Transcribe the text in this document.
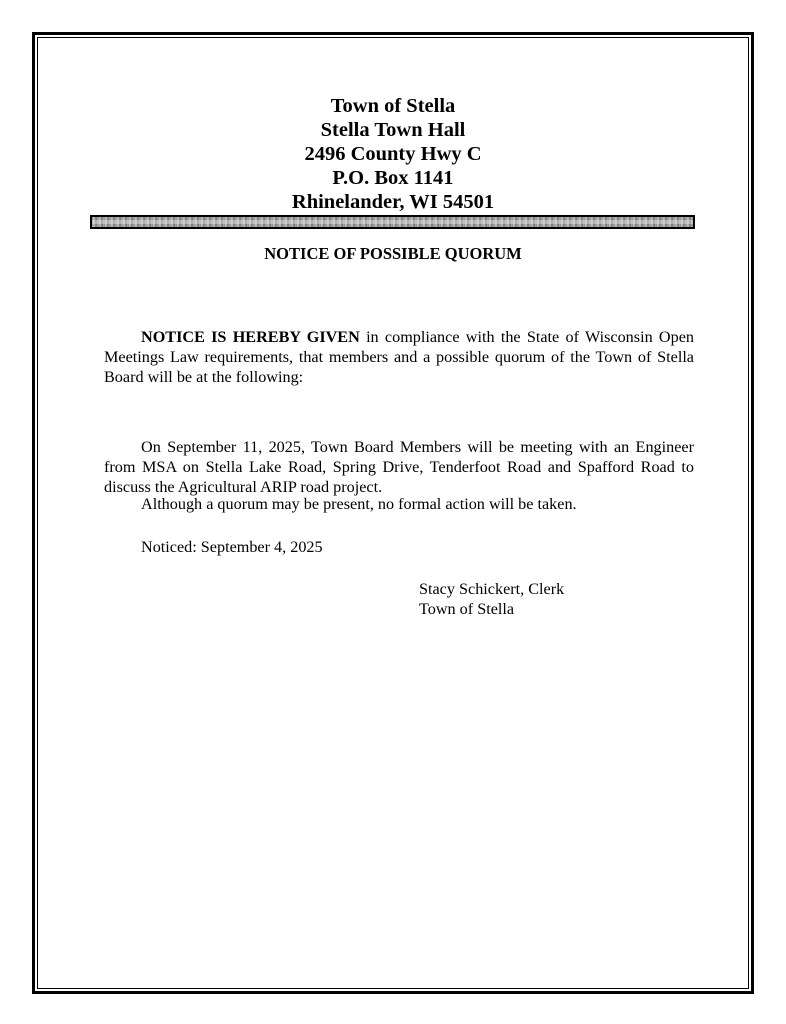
Town of Stella
Stella Town Hall
2496 County Hwy C
P.O. Box 1141
Rhinelander, WI 54501
NOTICE OF POSSIBLE QUORUM
NOTICE IS HEREBY GIVEN in compliance with the State of Wisconsin Open Meetings Law requirements, that members and a possible quorum of the Town of Stella Board will be at the following:
On September 11, 2025, Town Board Members will be meeting with an Engineer from MSA on Stella Lake Road, Spring Drive, Tenderfoot Road and Spafford Road to discuss the Agricultural ARIP road project.
Although a quorum may be present, no formal action will be taken.
Noticed: September 4, 2025
Stacy Schickert, Clerk
Town of Stella
